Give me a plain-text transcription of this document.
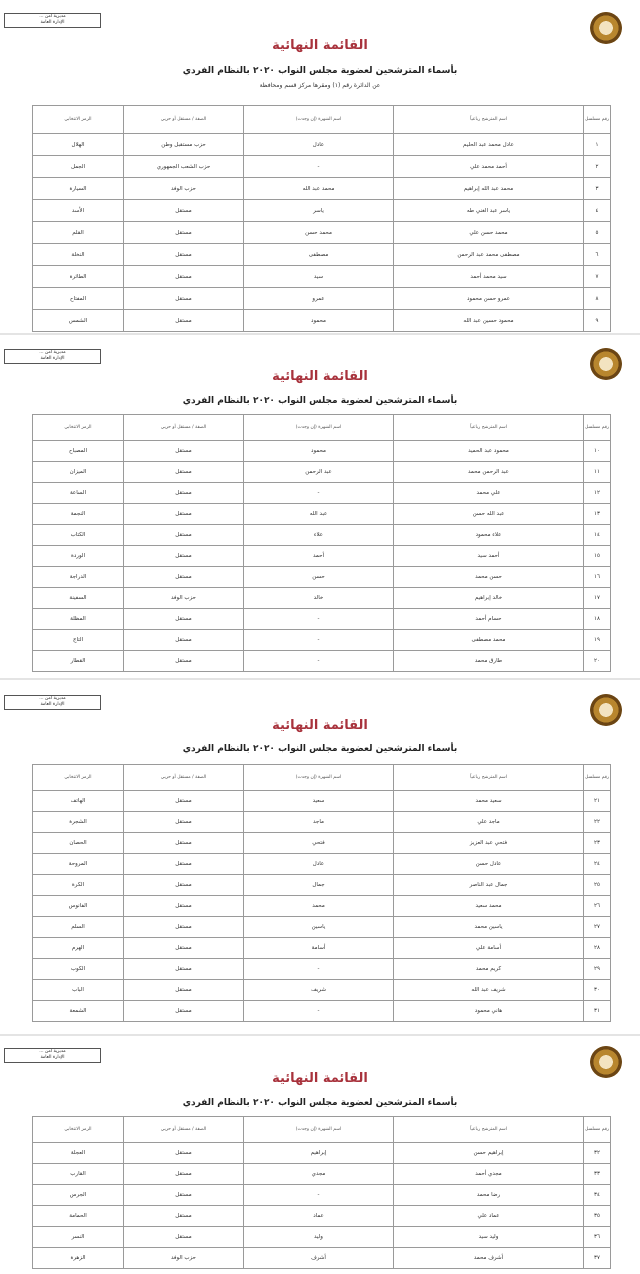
مديرية أمن ...
الإدارة العامة
القائمة النهائية
بأسماء المترشحين لعضوية مجلس النواب ٢٠٢٠ بالنظام الفردي
عن الدائرة رقم (١) ومقرها مركز قسم ومحافظة
رقم مسلسل	اسم المترشح رباعياً	اسم الشهرة (إن وجدت)	الصفة / مستقل أو حزبي	الرمز الانتخابي
١	عادل محمد عبد الحليم	عادل	حزب مستقبل وطن	الهلال
٢	أحمد محمد علي	-	حزب الشعب الجمهوري	الجمل
٣	محمد عبد الله إبراهيم	محمد عبد الله	حزب الوفد	السيارة
٤	ياسر عبد الغني طه	ياسر	مستقل	الأسد
٥	محمد حسن علي	محمد حسن	مستقل	القلم
٦	مصطفى محمد عبد الرحمن	مصطفى	مستقل	النخلة
٧	سيد محمد أحمد	سيد	مستقل	الطائرة
٨	عمرو حسن محمود	عمرو	مستقل	المفتاح
٩	محمود حسين عبد الله	محمود	مستقل	الشمس
مديرية أمن ...
الإدارة العامة
القائمة النهائية
بأسماء المترشحين لعضوية مجلس النواب ٢٠٢٠ بالنظام الفردي
رقم مسلسل	اسم المترشح رباعياً	اسم الشهرة (إن وجدت)	الصفة / مستقل أو حزبي	الرمز الانتخابي
١٠	محمود عبد الحميد	محمود	مستقل	المصباح
١١	عبد الرحمن محمد	عبد الرحمن	مستقل	الميزان
١٢	علي محمد	-	مستقل	الساعة
١٣	عبد الله حسن	عبد الله	مستقل	النجمة
١٤	علاء محمود	علاء	مستقل	الكتاب
١٥	أحمد سيد	أحمد	مستقل	الوردة
١٦	حسن محمد	حسن	مستقل	الدراجة
١٧	خالد إبراهيم	خالد	حزب الوفد	السفينة
١٨	حسام أحمد	-	مستقل	المظلة
١٩	محمد مصطفى	-	مستقل	التاج
٢٠	طارق محمد	-	مستقل	القطار
مديرية أمن ...
الإدارة العامة
القائمة النهائية
بأسماء المترشحين لعضوية مجلس النواب ٢٠٢٠ بالنظام الفردي
رقم مسلسل	اسم المترشح رباعياً	اسم الشهرة (إن وجدت)	الصفة / مستقل أو حزبي	الرمز الانتخابي
٢١	سعيد محمد	سعيد	مستقل	الهاتف
٢٢	ماجد علي	ماجد	مستقل	الشجرة
٢٣	فتحي عبد العزيز	فتحي	مستقل	الحصان
٢٤	عادل حسن	عادل	مستقل	المروحة
٢٥	جمال عبد الناصر	جمال	مستقل	الكرة
٢٦	محمد سعيد	محمد	مستقل	الفانوس
٢٧	ياسين محمد	ياسين	مستقل	السلم
٢٨	أسامة علي	أسامة	مستقل	الهرم
٢٩	كريم محمد	-	مستقل	الكوب
٣٠	شريف عبد الله	شريف	مستقل	الباب
٣١	هاني محمود	-	مستقل	الشمعة
مديرية أمن ...
الإدارة العامة
القائمة النهائية
بأسماء المترشحين لعضوية مجلس النواب ٢٠٢٠ بالنظام الفردي
رقم مسلسل	اسم المترشح رباعياً	اسم الشهرة (إن وجدت)	الصفة / مستقل أو حزبي	الرمز الانتخابي
٣٢	إبراهيم حسن	إبراهيم	مستقل	العجلة
٣٣	مجدي أحمد	مجدي	مستقل	القارب
٣٤	رضا محمد	-	مستقل	الجرس
٣٥	عماد علي	عماد	مستقل	الحمامة
٣٦	وليد سيد	وليد	مستقل	النسر
٣٧	أشرف محمد	أشرف	حزب الوفد	الزهرة
